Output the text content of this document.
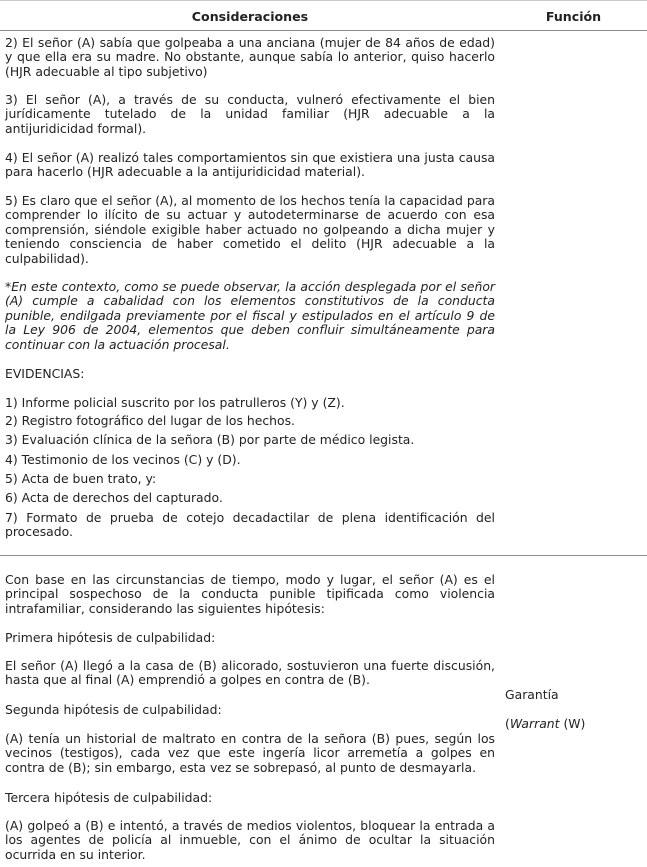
Consideraciones	Función

2) El señor (A) sabía que golpeaba a una anciana (mujer de 84 años de edad) y que ella era su madre. No obstante, aunque sabía lo anterior, quiso hacerlo (HJR adecuable al tipo subjetivo)

3) El señor (A), a través de su conducta, vulneró efectivamente el bien jurídicamente tutelado de la unidad familiar (HJR adecuable a la antijuridicidad formal).

4) El señor (A) realizó tales comportamientos sin que existiera una justa causa para hacerlo (HJR adecuable a la antijuridicidad material).

5) Es claro que el señor (A), al momento de los hechos tenía la capacidad para comprender lo ilícito de su actuar y autodeterminarse de acuerdo con esa comprensión, siéndole exigible haber actuado no golpeando a dicha mujer y teniendo consciencia de haber cometido el delito (HJR adecuable a la culpabilidad).

*En este contexto, como se puede observar, la acción desplegada por el señor (A) cumple a cabalidad con los elementos constitutivos de la conducta punible, endilgada previamente por el fiscal y estipulados en el artículo 9 de la Ley 906 de 2004, elementos que deben confluir simultáneamente para continuar con la actuación procesal.

EVIDENCIAS:

1) Informe policial suscrito por los patrulleros (Y) y (Z).

2) Registro fotográfico del lugar de los hechos.

3) Evaluación clínica de la señora (B) por parte de médico legista.

4) Testimonio de los vecinos (C) y (D).

5) Acta de buen trato, y:

6) Acta de derechos del capturado.

7) Formato de prueba de cotejo decadactilar de plena identificación del procesado.

Con base en las circunstancias de tiempo, modo y lugar, el señor (A) es el principal sospechoso de la conducta punible tipificada como violencia intrafamiliar, considerando las siguientes hipótesis:

Primera hipótesis de culpabilidad:

El señor (A) llegó a la casa de (B) alicorado, sostuvieron una fuerte discusión, hasta que al final (A) emprendió a golpes en contra de (B).

Segunda hipótesis de culpabilidad:

(A) tenía un historial de maltrato en contra de la señora (B) pues, según los vecinos (testigos), cada vez que este ingería licor arremetía a golpes en contra de (B); sin embargo, esta vez se sobrepasó, al punto de desmayarla.

Tercera hipótesis de culpabilidad:

(A) golpeó a (B) e intentó, a través de medios violentos, bloquear la entrada a los agentes de policía al inmueble, con el ánimo de ocultar la situación ocurrida en su interior.

Garantía

(Warrant (W)
